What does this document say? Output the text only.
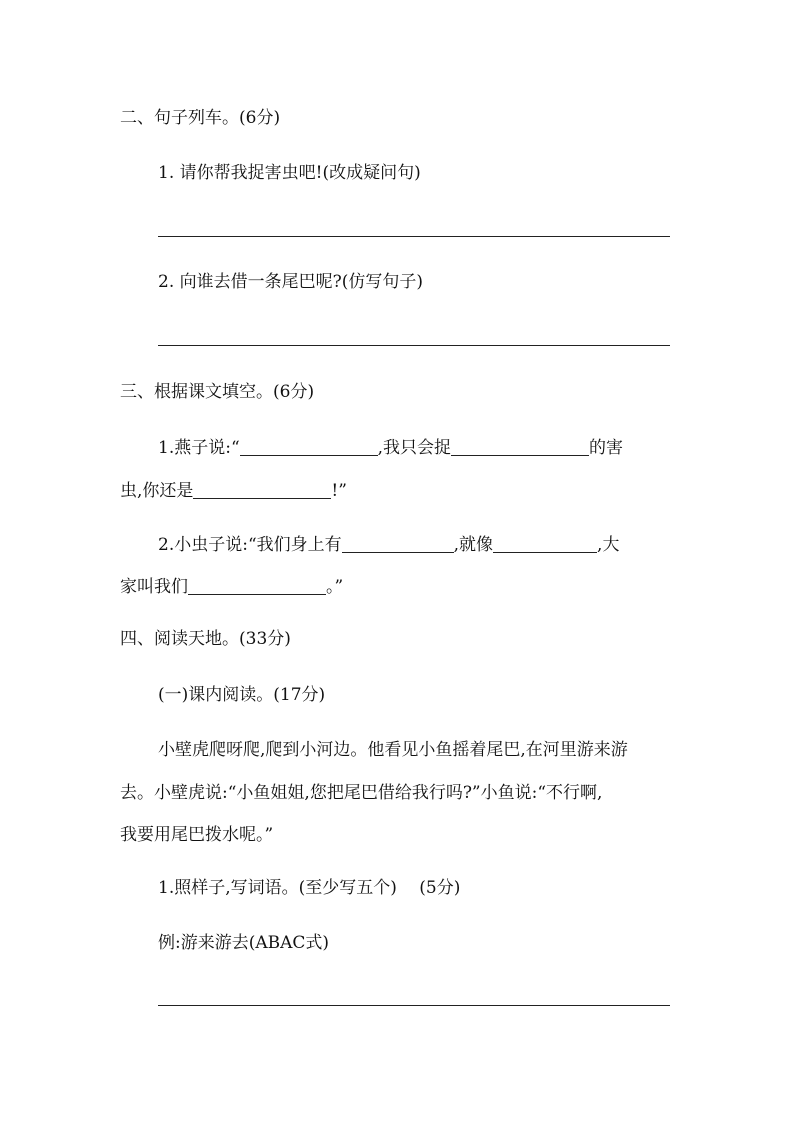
二、句子列车。(6分)
1. 请你帮我捉害虫吧!(改成疑问句)
2. 向谁去借一条尾巴呢?(仿写句子)
三、根据课文填空。(6分)
1.燕子说:“	,我只会捉	的害
虫,你还是	!”
2.小虫子说:“我们身上有	,就像	,大
家叫我们	。”
四、阅读天地。(33分)
(一)课内阅读。(17分)
小壁虎爬呀爬,爬到小河边。他看见小鱼摇着尾巴,在河里游来游
去。小壁虎说:“小鱼姐姐,您把尾巴借给我行吗?”小鱼说:“不行啊,
我要用尾巴拨水呢。”
1.照样子,写词语。(至少写五个)　 (5分)
例:游来游去(ABAC式)
